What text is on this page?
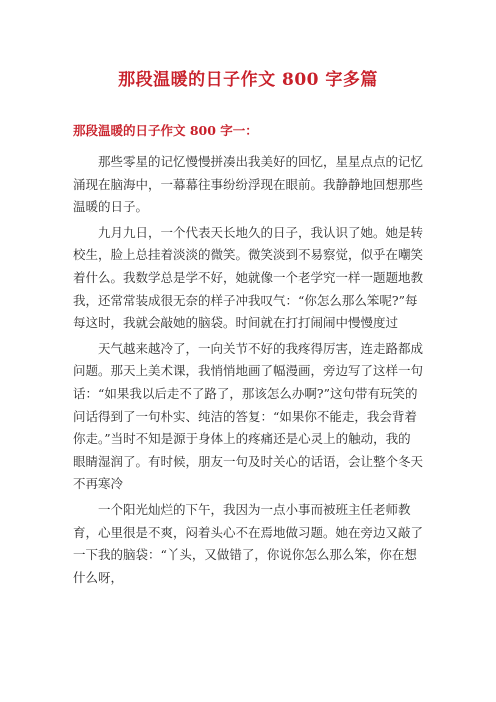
那段温暖的日子作文 800 字多篇
那段温暖的日子作文 800 字一：

那些零星的记忆慢慢拼凑出我美好的回忆，星星点点的记忆涌现在脑海中，一幕幕往事纷纷浮现在眼前。我静静地回想那些温暖的日子。

九月九日，一个代表天长地久的日子，我认识了她。她是转校生，脸上总挂着淡淡的微笑。微笑淡到不易察觉，似乎在嘲笑着什么。我数学总是学不好，她就像一个老学究一样一题题地教我，还常常装成很无奈的样子冲我叹气：“你怎么那么笨呢?”每每这时，我就会敲她的脑袋。时间就在打打闹闹中慢慢度过

天气越来越冷了，一向关节不好的我疼得厉害，连走路都成问题。那天上美术课，我悄悄地画了幅漫画，旁边写了这样一句话：“如果我以后走不了路了，那该怎么办啊?”这句带有玩笑的问话得到了一句朴实、纯洁的答复：“如果你不能走，我会背着你走。”当时不知是源于身体上的疼痛还是心灵上的触动，我的眼睛湿润了。有时候，朋友一句及时关心的话语，会让整个冬天不再寒冷

一个阳光灿烂的下午，我因为一点小事而被班主任老师教育，心里很是不爽，闷着头心不在焉地做习题。她在旁边又敲了一下我的脑袋：“丫头，又做错了，你说你怎么那么笨，你在想什么呀，
